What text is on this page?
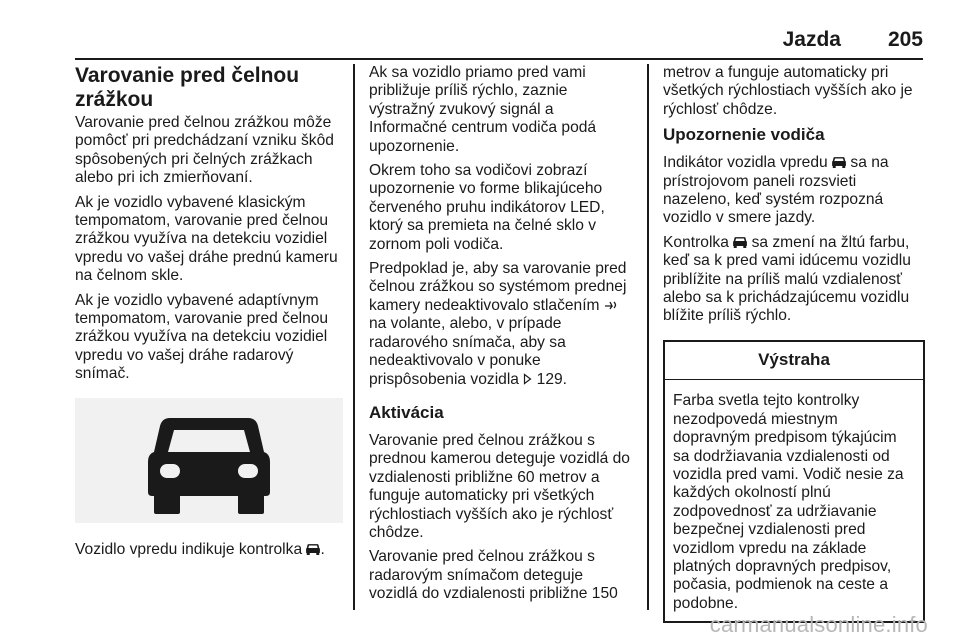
Jazda 205
Varovanie pred čelnou zrážkou

Varovanie pred čelnou zrážkou môže pomôcť pri predchádzaní vzniku škôd spôsobených pri čelných zrážkach alebo pri ich zmierňovaní.

Ak je vozidlo vybavené klasickým tempomatom, varovanie pred čelnou zrážkou využíva na detekciu vozidiel vpredu vo vašej dráhe prednú kameru na čelnom skle.

Ak je vozidlo vybavené adaptívnym tempomatom, varovanie pred čelnou zrážkou využíva na detekciu vozidiel vpredu vo vašej dráhe radarový snímač.

Vozidlo vpredu indikuje kontrolka .

Ak sa vozidlo priamo pred vami približuje príliš rýchlo, zaznie výstražný zvukový signál a Informačné centrum vodiča podá upozornenie.

Okrem toho sa vodičovi zobrazí upozornenie vo forme blikajúceho červeného pruhu indikátorov LED, ktorý sa premieta na čelné sklo v zornom poli vodiča.

Predpoklad je, aby sa varovanie pred čelnou zrážkou so systémom prednej kamery nedeaktivovalo stlačením  na volante, alebo, v prípade radarového snímača, aby sa nedeaktivovalo v ponuke prispôsobenia vozidla 129.

Aktivácia

Varovanie pred čelnou zrážkou s prednou kamerou deteguje vozidlá do vzdialenosti približne 60 metrov a funguje automaticky pri všetkých rýchlostiach vyšších ako je rýchlosť chôdze.

Varovanie pred čelnou zrážkou s radarovým snímačom deteguje vozidlá do vzdialenosti približne 150

metrov a funguje automaticky pri všetkých rýchlostiach vyšších ako je rýchlosť chôdze.

Upozornenie vodiča

Indikátor vozidla vpredu sa na prístrojovom paneli rozsvieti nazeleno, keď systém rozpozná vozidlo v smere jazdy.

Kontrolka sa zmení na žltú farbu, keď sa k pred vami idúcemu vozidlu priblížite na príliš malú vzdialenosť alebo sa k prichádzajúcemu vozidlu blížite príliš rýchlo.

Výstraha
Farba svetla tejto kontrolky nezodpovedá miestnym dopravným predpisom týkajúcim sa dodržiavania vzdialenosti od vozidla pred vami. Vodič nesie za každých okolností plnú zodpovednosť za udržiavanie bezpečnej vzdialenosti pred vozidlom vpredu na základe platných dopravných predpisov, počasia, podmienok na ceste a podobne.
carmanualsonline.info
